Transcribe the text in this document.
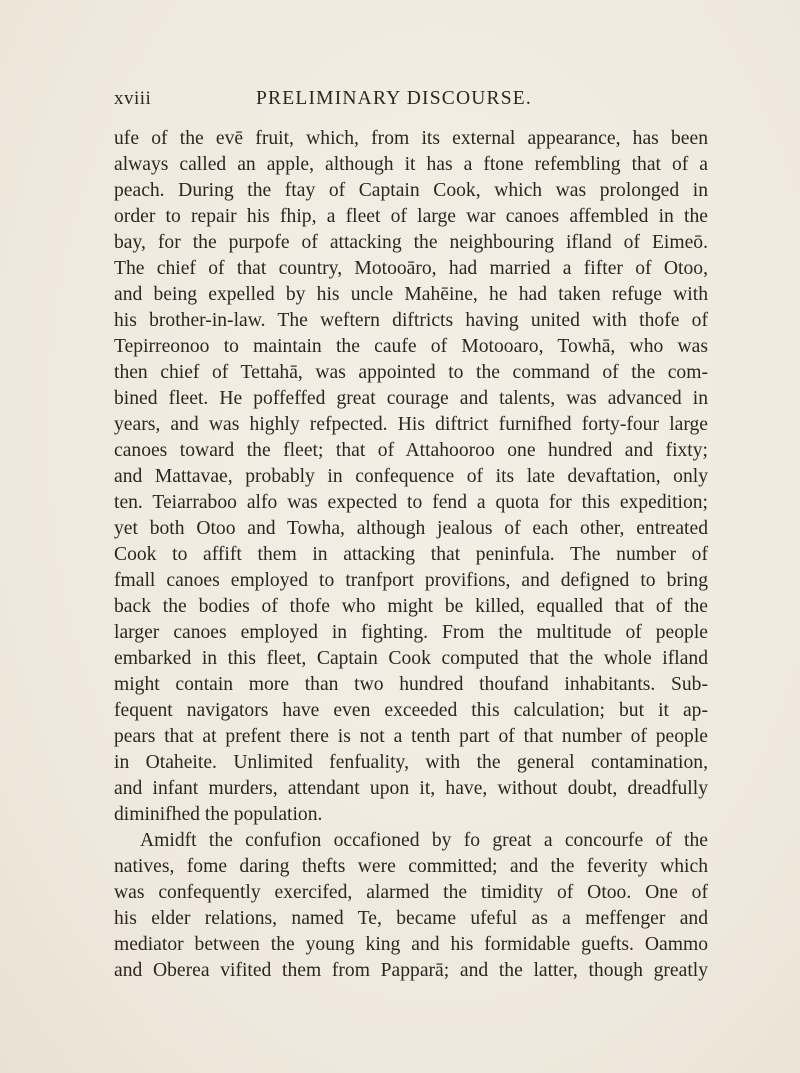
xviii	PRELIMINARY DISCOURSE.
ufe of the evē fruit, which, from its external appearance, has been
always called an apple, although it has a ftone refembling that of a
peach. During the ftay of Captain Cook, which was prolonged in
order to repair his fhip, a fleet of large war canoes affembled in the
bay, for the purpofe of attacking the neighbouring ifland of Eimeō.
The chief of that country, Motooāro, had married a fifter of Otoo,
and being expelled by his uncle Mahēine, he had taken refuge with
his brother-in-law. The weftern diftricts having united with thofe of
Tepirreonoo to maintain the caufe of Motooaro, Towhā, who was
then chief of Tettahā, was appointed to the command of the com-
bined fleet. He poffeffed great courage and talents, was advanced in
years, and was highly refpected. His diftrict furnifhed forty-four large
canoes toward the fleet; that of Attahooroo one hundred and fixty;
and Mattavae, probably in confequence of its late devaftation, only
ten. Teiarraboo alfo was expected to fend a quota for this expedition;
yet both Otoo and Towha, although jealous of each other, entreated
Cook to affift them in attacking that peninfula. The number of
fmall canoes employed to tranfport provifions, and defigned to bring
back the bodies of thofe who might be killed, equalled that of the
larger canoes employed in fighting. From the multitude of people
embarked in this fleet, Captain Cook computed that the whole ifland
might contain more than two hundred thoufand inhabitants. Sub-
fequent navigators have even exceeded this calculation; but it ap-
pears that at prefent there is not a tenth part of that number of people
in Otaheite. Unlimited fenfuality, with the general contamination,
and infant murders, attendant upon it, have, without doubt, dreadfully
diminifhed the population.
Amidft the confufion occafioned by fo great a concourfe of the
natives, fome daring thefts were committed; and the feverity which
was confequently exercifed, alarmed the timidity of Otoo. One of
his elder relations, named Te, became ufeful as a meffenger and
mediator between the young king and his formidable guefts. Oammo
and Oberea vifited them from Papparā; and the latter, though greatly
